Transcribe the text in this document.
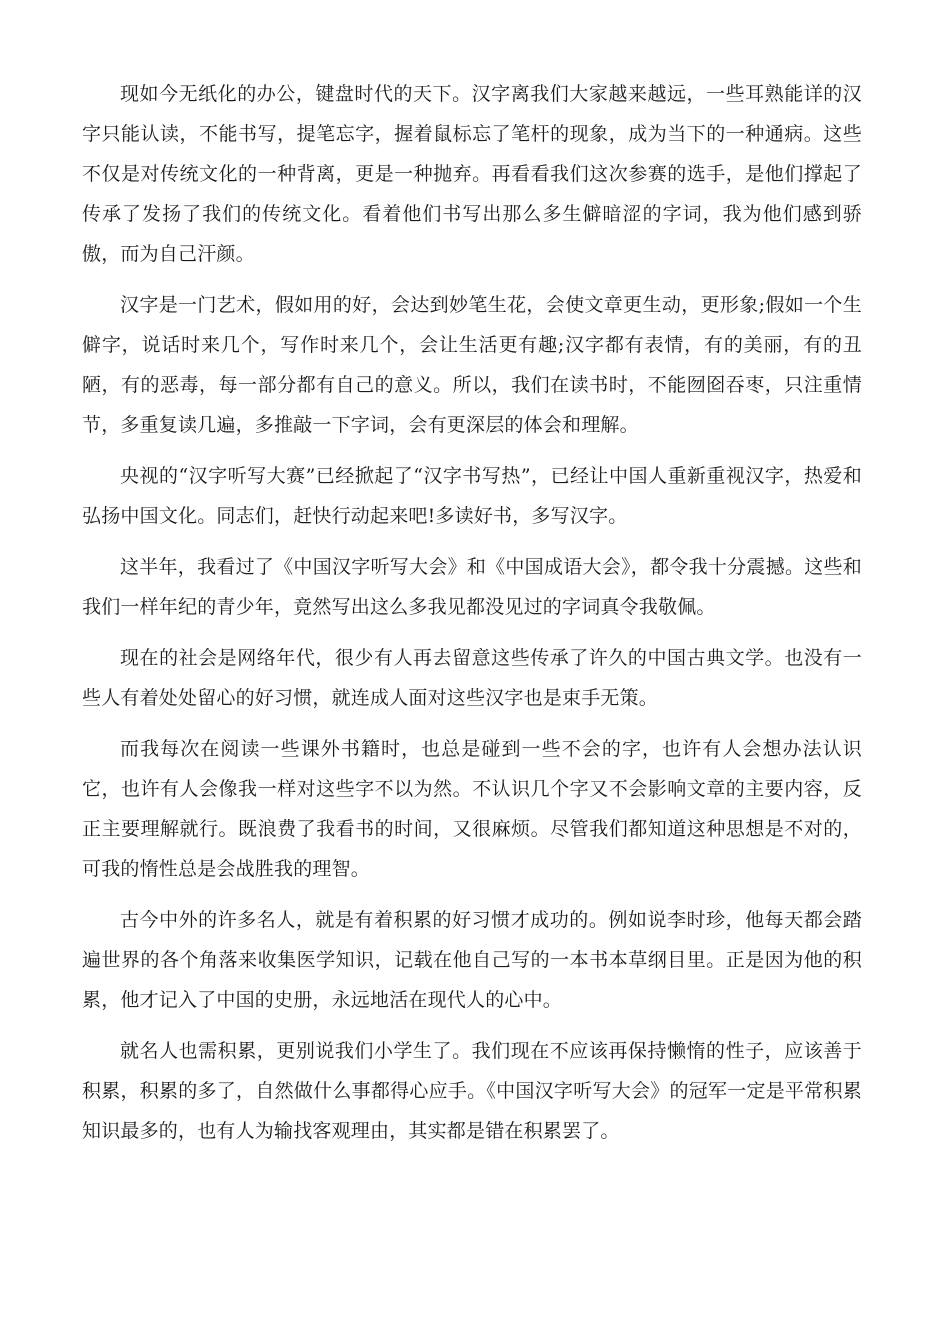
现如今无纸化的办公，键盘时代的天下。汉字离我们大家越来越远，一些耳熟能详的汉字只能认读，不能书写，提笔忘字，握着鼠标忘了笔杆的现象，成为当下的一种通病。这些不仅是对传统文化的一种背离，更是一种抛弃。再看看我们这次参赛的选手，是他们撑起了传承了发扬了我们的传统文化。看着他们书写出那么多生僻暗涩的字词，我为他们感到骄傲，而为自己汗颜。

汉字是一门艺术，假如用的好，会达到妙笔生花，会使文章更生动，更形象;假如一个生僻字，说话时来几个，写作时来几个，会让生活更有趣;汉字都有表情，有的美丽，有的丑陋，有的恶毒，每一部分都有自己的意义。所以，我们在读书时，不能囫囵吞枣，只注重情节，多重复读几遍，多推敲一下字词，会有更深层的体会和理解。

央视的“汉字听写大赛”已经掀起了“汉字书写热”，已经让中国人重新重视汉字，热爱和弘扬中国文化。同志们，赶快行动起来吧!多读好书，多写汉字。

这半年，我看过了《中国汉字听写大会》和《中国成语大会》，都令我十分震撼。这些和我们一样年纪的青少年，竟然写出这么多我见都没见过的字词真令我敬佩。

现在的社会是网络年代，很少有人再去留意这些传承了许久的中国古典文学。也没有一些人有着处处留心的好习惯，就连成人面对这些汉字也是束手无策。

而我每次在阅读一些课外书籍时，也总是碰到一些不会的字，也许有人会想办法认识它，也许有人会像我一样对这些字不以为然。不认识几个字又不会影响文章的主要内容，反正主要理解就行。既浪费了我看书的时间，又很麻烦。尽管我们都知道这种思想是不对的，可我的惰性总是会战胜我的理智。

古今中外的许多名人，就是有着积累的好习惯才成功的。例如说李时珍，他每天都会踏遍世界的各个角落来收集医学知识，记载在他自己写的一本书本草纲目里。正是因为他的积累，他才记入了中国的史册，永远地活在现代人的心中。

就名人也需积累，更别说我们小学生了。我们现在不应该再保持懒惰的性子，应该善于积累，积累的多了，自然做什么事都得心应手。《中国汉字听写大会》的冠军一定是平常积累知识最多的，也有人为输找客观理由，其实都是错在积累罢了。
